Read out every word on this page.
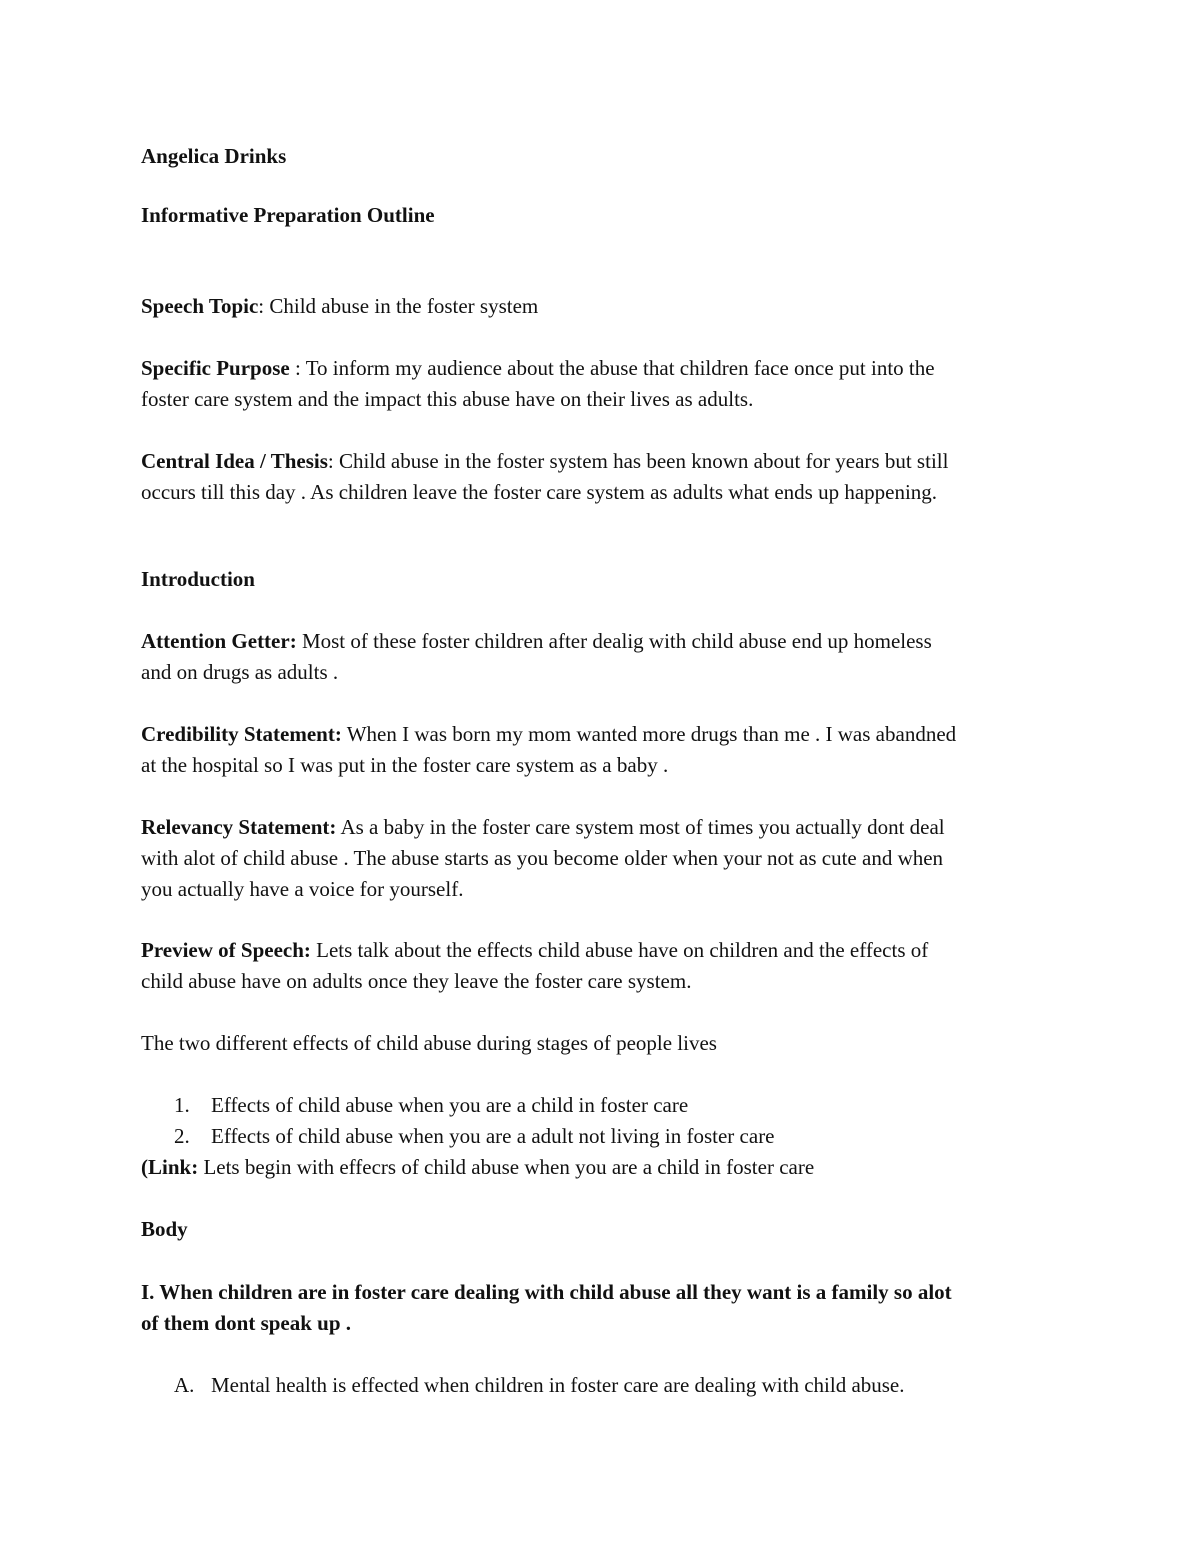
Angelica Drinks
Informative Preparation Outline
Speech Topic: Child abuse in the foster system
Specific Purpose : To inform my audience about the abuse that children face once put into the
foster care system and the impact this abuse have on their lives as adults.
Central Idea / Thesis: Child abuse in the foster system has been known about for years but still
occurs till this day . As children leave the foster care system as adults what ends up happening.
Introduction
Attention Getter: Most of these foster children after dealig with child abuse end up homeless
and on drugs as adults .
Credibility Statement: When I was born my mom wanted more drugs than me . I was abandned
at the hospital so I was put in the foster care system as a baby .
Relevancy Statement: As a baby in the foster care system most of times you actually dont deal
with alot of child abuse . The abuse starts as you become older when your not as cute and when
you actually have a voice for yourself.
Preview of Speech: Lets talk about the effects child abuse have on children and the effects of
child abuse have on adults once they leave the foster care system.
The two different effects of child abuse during stages of people lives
1. Effects of child abuse when you are a child in foster care
2. Effects of child abuse when you are a adult not living in foster care
(Link: Lets begin with effecrs of child abuse when you are a child in foster care
Body
I. When children are in foster care dealing with child abuse all they want is a family so alot
of them dont speak up .
A. Mental health is effected when children in foster care are dealing with child abuse.
